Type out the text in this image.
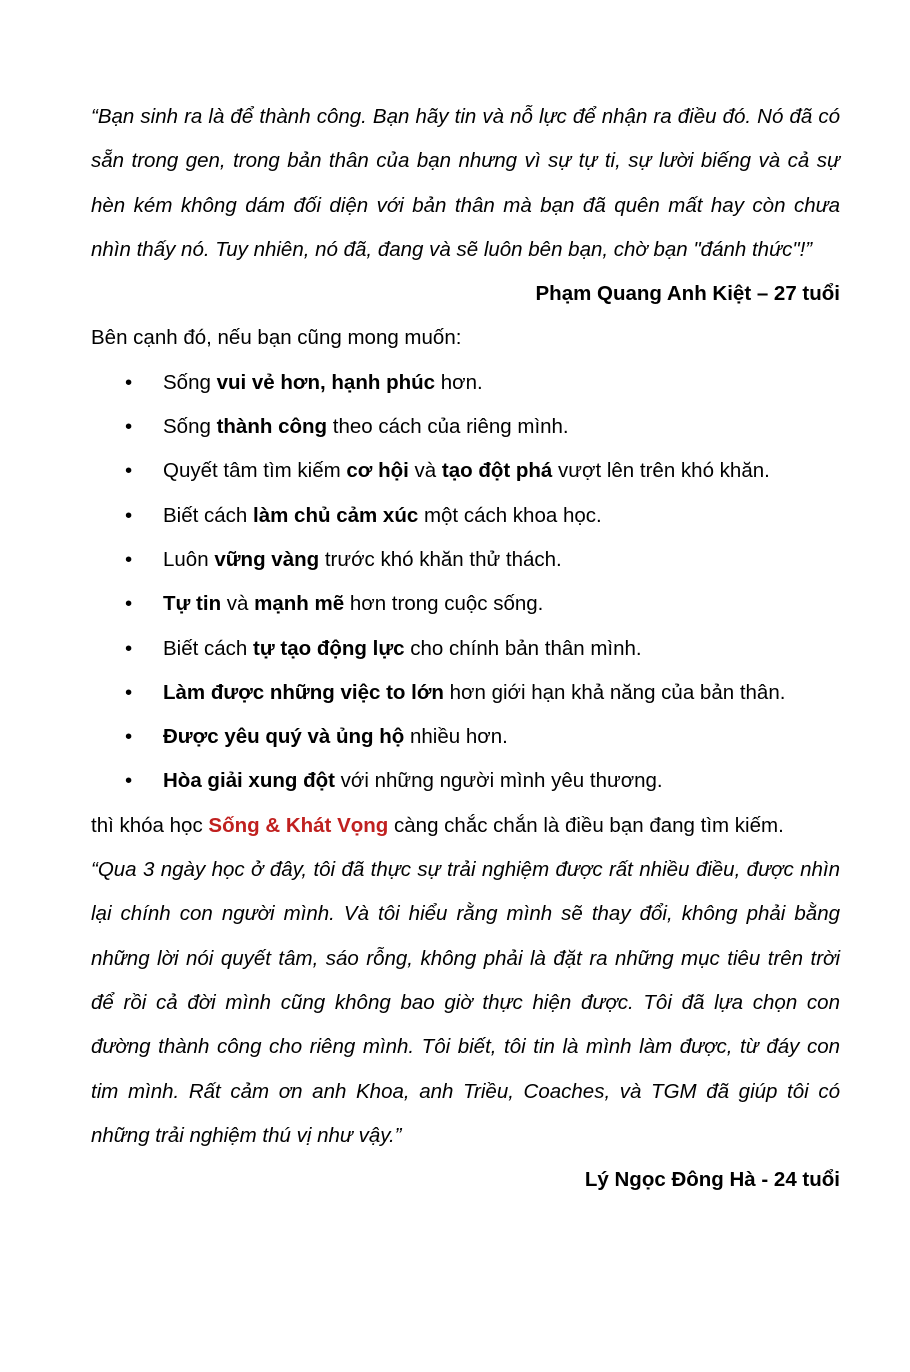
“Bạn sinh ra là để thành công. Bạn hãy tin và nỗ lực để nhận ra điều đó. Nó đã có sẵn trong gen, trong bản thân của bạn nhưng vì sự tự ti, sự lười biếng và cả sự hèn kém không dám đối diện với bản thân mà bạn đã quên mất hay còn chưa nhìn thấy nó. Tuy nhiên, nó đã, đang và sẽ luôn bên bạn, chờ bạn "đánh thức"!”

Phạm Quang Anh Kiệt – 27 tuổi

Bên cạnh đó, nếu bạn cũng mong muốn:

• Sống vui vẻ hơn, hạnh phúc hơn.
• Sống thành công theo cách của riêng mình.
• Quyết tâm tìm kiếm cơ hội và tạo đột phá vượt lên trên khó khăn.
• Biết cách làm chủ cảm xúc một cách khoa học.
• Luôn vững vàng trước khó khăn thử thách.
• Tự tin và mạnh mẽ hơn trong cuộc sống.
• Biết cách tự tạo động lực cho chính bản thân mình.
• Làm được những việc to lớn hơn giới hạn khả năng của bản thân.
• Được yêu quý và ủng hộ nhiều hơn.
• Hòa giải xung đột với những người mình yêu thương.

thì khóa học Sống & Khát Vọng càng chắc chắn là điều bạn đang tìm kiếm.

“Qua 3 ngày học ở đây, tôi đã thực sự trải nghiệm được rất nhiều điều, được nhìn lại chính con người mình. Và tôi hiểu rằng mình sẽ thay đổi, không phải bằng những lời nói quyết tâm, sáo rỗng, không phải là đặt ra những mục tiêu trên trời để rồi cả đời mình cũng không bao giờ thực hiện được. Tôi đã lựa chọn con đường thành công cho riêng mình. Tôi biết, tôi tin là mình làm được, từ đáy con tim mình. Rất cảm ơn anh Khoa, anh Triều, Coaches, và TGM đã giúp tôi có những trải nghiệm thú vị như vậy.”

Lý Ngọc Đông Hà - 24 tuổi
